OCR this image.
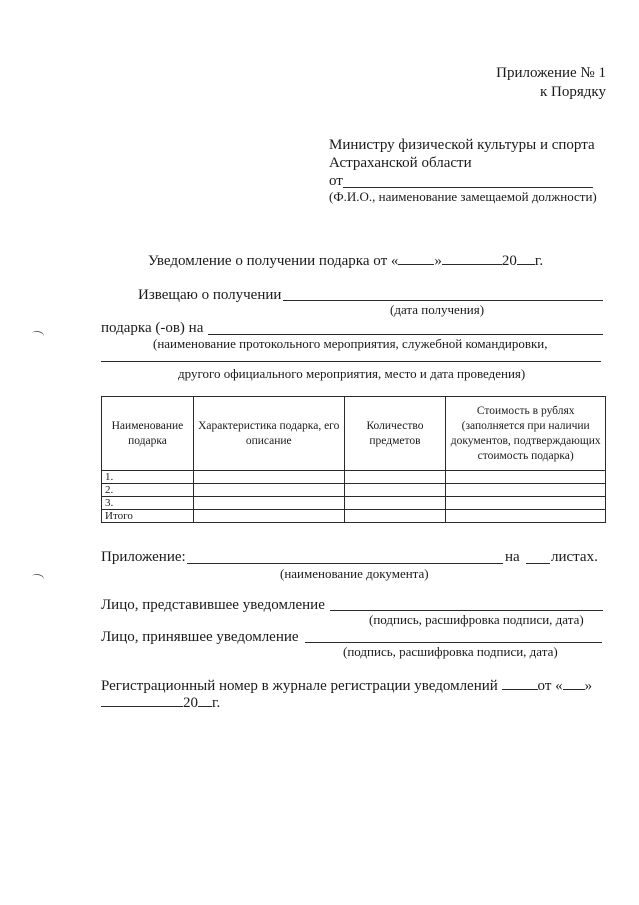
Приложение № 1
к Порядку
Министру физической культуры и спорта
Астраханской области
от
(Ф.И.О., наименование замещаемой должности)
Уведомление о получении подарка от « »	20 г.
Извещаю о получении
(дата получения)
подарка (-ов) на
(наименование протокольного мероприятия, служебной командировки,
другого официального мероприятия, место и дата проведения)
Наименование подарка	Характеристика подарка, его описание	Количество предметов	Стоимость в рублях (заполняется при наличии документов, подтверждающих стоимость подарка)
1.			
2.			
3.			
Итого			
Приложение:	на листах.
(наименование документа)
Лицо, представившее уведомление
(подпись, расшифровка подписи, дата)
Лицо, принявшее уведомление
(подпись, расшифровка подписи, дата)
Регистрационный номер в журнале регистрации уведомлений	от « »
20 г.
